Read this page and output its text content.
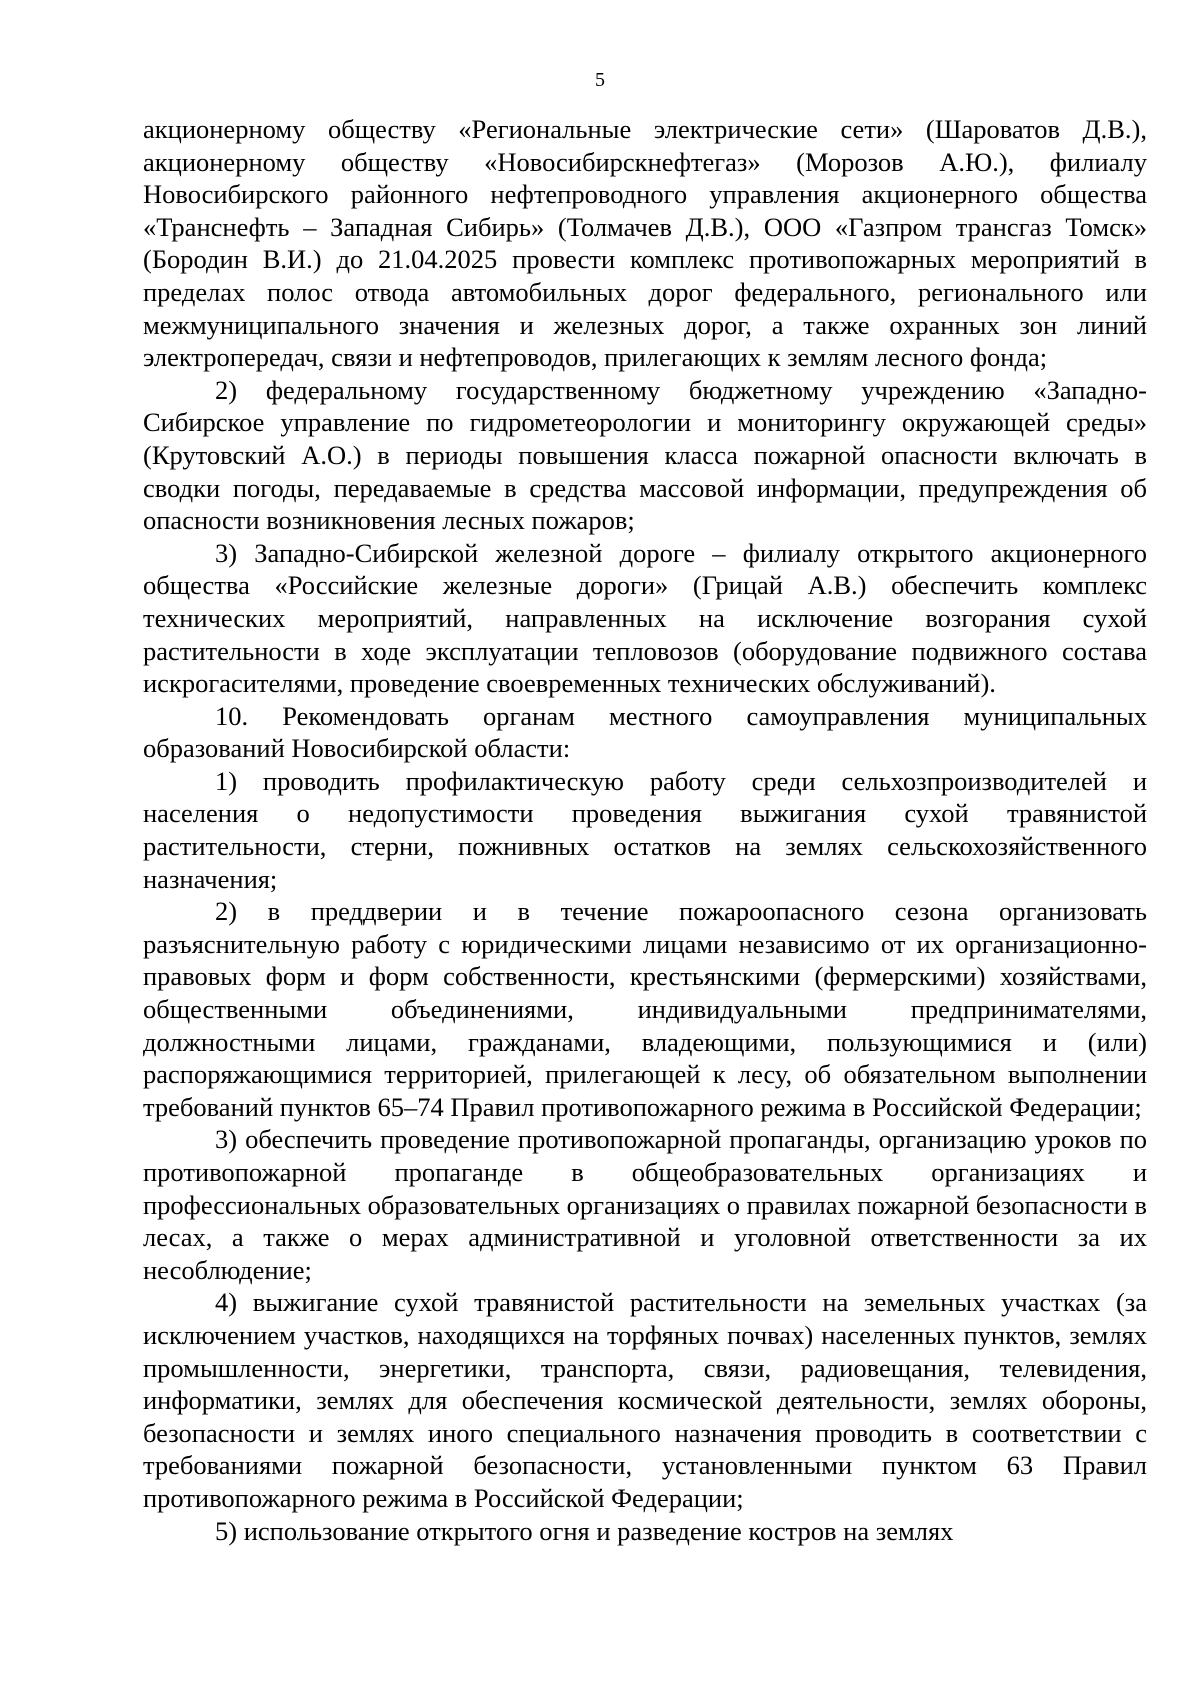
5

акционерному обществу «Региональные электрические сети» (Шароватов Д.В.), акционерному обществу «Новосибирскнефтегаз» (Морозов А.Ю.), филиалу Новосибирского районного нефтепроводного управления акционерного общества «Транснефть – Западная Сибирь» (Толмачев Д.В.), ООО «Газпром трансгаз Томск» (Бородин В.И.) до 21.04.2025 провести комплекс противопожарных мероприятий в пределах полос отвода автомобильных дорог федерального, регионального или межмуниципального значения и железных дорог, а также охранных зон линий электропередач, связи и нефтепроводов, прилегающих к землям лесного фонда;

2) федеральному государственному бюджетному учреждению «Западно-Сибирское управление по гидрометеорологии и мониторингу окружающей среды» (Крутовский А.О.) в периоды повышения класса пожарной опасности включать в сводки погоды, передаваемые в средства массовой информации, предупреждения об опасности возникновения лесных пожаров;

3) Западно-Сибирской железной дороге – филиалу открытого акционерного общества «Российские железные дороги» (Грицай А.В.) обеспечить комплекс технических мероприятий, направленных на исключение возгорания сухой растительности в ходе эксплуатации тепловозов (оборудование подвижного состава искрогасителями, проведение своевременных технических обслуживаний).

10. Рекомендовать органам местного самоуправления муниципальных образований Новосибирской области:

1) проводить профилактическую работу среди сельхозпроизводителей и населения о недопустимости проведения выжигания сухой травянистой растительности, стерни, пожнивных остатков на землях сельскохозяйственного назначения;

2) в преддверии и в течение пожароопасного сезона организовать разъяснительную работу с юридическими лицами независимо от их организационно-правовых форм и форм собственности, крестьянскими (фермерскими) хозяйствами, общественными объединениями, индивидуальными предпринимателями, должностными лицами, гражданами, владеющими, пользующимися и (или) распоряжающимися территорией, прилегающей к лесу, об обязательном выполнении требований пунктов 65–74 Правил противопожарного режима в Российской Федерации;

3) обеспечить проведение противопожарной пропаганды, организацию уроков по противопожарной пропаганде в общеобразовательных организациях и профессиональных образовательных организациях о правилах пожарной безопасности в лесах, а также о мерах административной и уголовной ответственности за их несоблюдение;

4) выжигание сухой травянистой растительности на земельных участках (за исключением участков, находящихся на торфяных почвах) населенных пунктов, землях промышленности, энергетики, транспорта, связи, радиовещания, телевидения, информатики, землях для обеспечения космической деятельности, землях обороны, безопасности и землях иного специального назначения проводить в соответствии с требованиями пожарной безопасности, установленными пунктом 63 Правил противопожарного режима в Российской Федерации;

5) использование открытого огня и разведение костров на землях
